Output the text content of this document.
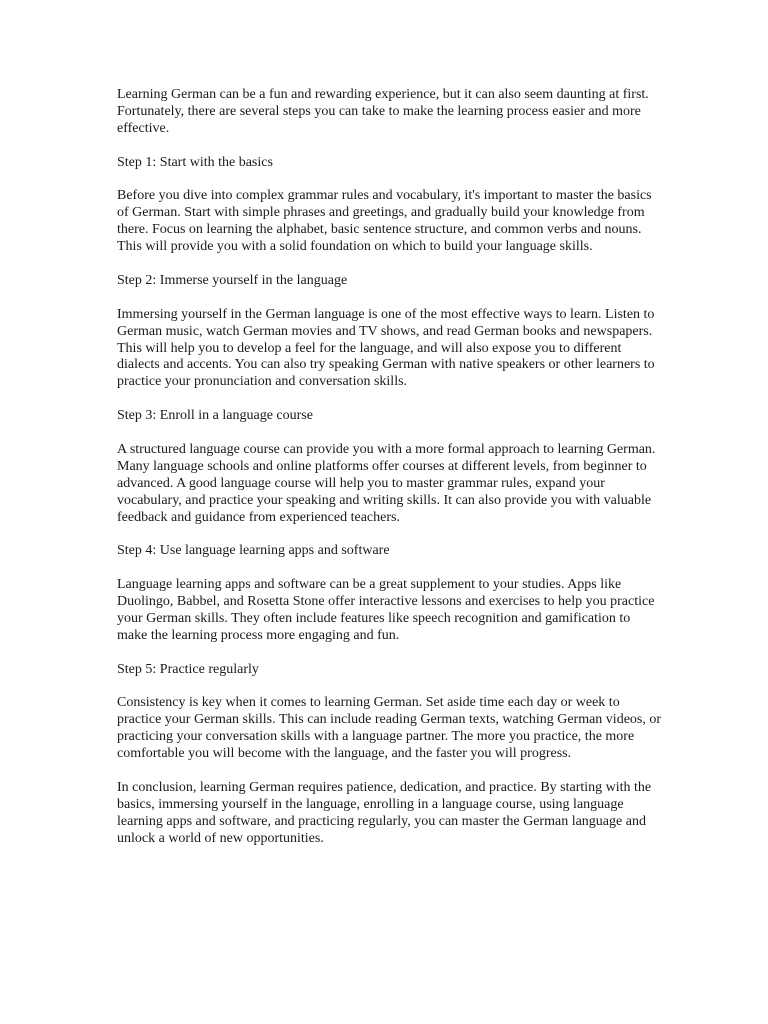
Learning German can be a fun and rewarding experience, but it can also seem daunting at first. Fortunately, there are several steps you can take to make the learning process easier and more effective.

Step 1: Start with the basics

Before you dive into complex grammar rules and vocabulary, it's important to master the basics of German. Start with simple phrases and greetings, and gradually build your knowledge from there. Focus on learning the alphabet, basic sentence structure, and common verbs and nouns. This will provide you with a solid foundation on which to build your language skills.

Step 2: Immerse yourself in the language

Immersing yourself in the German language is one of the most effective ways to learn. Listen to German music, watch German movies and TV shows, and read German books and newspapers. This will help you to develop a feel for the language, and will also expose you to different dialects and accents. You can also try speaking German with native speakers or other learners to practice your pronunciation and conversation skills.

Step 3: Enroll in a language course

A structured language course can provide you with a more formal approach to learning German. Many language schools and online platforms offer courses at different levels, from beginner to advanced. A good language course will help you to master grammar rules, expand your vocabulary, and practice your speaking and writing skills. It can also provide you with valuable feedback and guidance from experienced teachers.

Step 4: Use language learning apps and software

Language learning apps and software can be a great supplement to your studies. Apps like Duolingo, Babbel, and Rosetta Stone offer interactive lessons and exercises to help you practice your German skills. They often include features like speech recognition and gamification to make the learning process more engaging and fun.

Step 5: Practice regularly

Consistency is key when it comes to learning German. Set aside time each day or week to practice your German skills. This can include reading German texts, watching German videos, or practicing your conversation skills with a language partner. The more you practice, the more comfortable you will become with the language, and the faster you will progress.

In conclusion, learning German requires patience, dedication, and practice. By starting with the basics, immersing yourself in the language, enrolling in a language course, using language learning apps and software, and practicing regularly, you can master the German language and unlock a world of new opportunities.
